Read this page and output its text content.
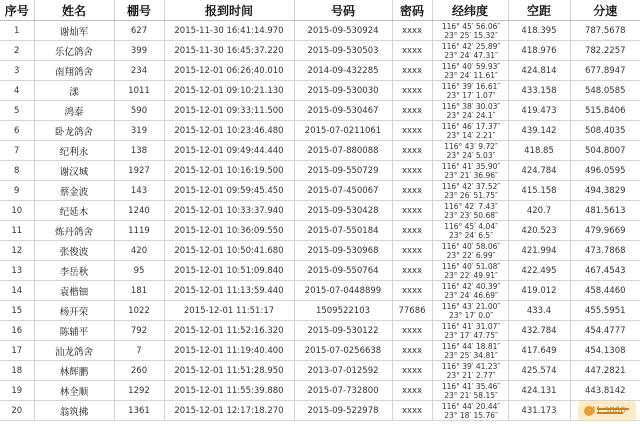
序号	姓名	棚号	报到时间	号码	密码	经纬度	空距	分速
1	谢灿军	627	2015-11-30 16:41:14.970	2015-09-530924	xxxx	116° 45′ 56.06″
23° 25′ 15.32″	418.395	787.5678
2	乐亿鸽舍	399	2015-11-30 16:45:37.220	2015-09-530503	xxxx	116° 42′ 25.89″
23° 24′ 47.31″	418.976	782.2257
3	南翔鸽舍	234	2015-12-01 06:26:40.010	2014-09-432285	xxxx	116° 40′ 59.93″
23° 24′ 11.61″	424.814	677.8947
4	漾	1011	2015-12-01 09:10:21.130	2015-09-530030	xxxx	116° 39′ 16.61″
23° 17′ 1.07″	433.158	548.0585
5	鸿泰	590	2015-12-01 09:33:11.500	2015-09-530467	xxxx	116° 38′ 30.03″
23° 24′ 24.1″	419.473	515.8406
6	卧龙鸽舍	319	2015-12-01 10:23:46.480	2015-07-0211061	xxxx	116° 46′ 17.37″
23° 14′ 2.21″	439.142	508.4035
7	纪利永	138	2015-12-01 09:49:44.440	2015-07-880088	xxxx	116° 43′ 9.72″
23° 24′ 5.03″	418.85	504.8007
8	谢汉城	1927	2015-12-01 10:16:19.500	2015-09-550729	xxxx	116° 41′ 35.90″
23° 21′ 36.96″	424.784	496.0595
9	蔡金波	143	2015-12-01 09:59:45.450	2015-07-450067	xxxx	116° 42′ 37.52″
23° 26′ 51.75″	415.158	494.3829
10	纪延木	1240	2015-12-01 10:33:37.940	2015-09-530428	xxxx	116° 42′ 7.43″
23° 23′ 50.68″	420.7	481.5613
11	炼丹鸽舍	1119	2015-12-01 10:36:09.550	2015-07-550184	xxxx	116° 45′ 4.04″
23° 24′ 6.5″	420.523	479.9669
12	张俊波	420	2015-12-01 10:50:41.680	2015-09-530968	xxxx	116° 40′ 58.06″
23° 22′ 6.99″	421.994	473.7868
13	李岳秋	95	2015-12-01 10:51:09.840	2015-09-550764	xxxx	116° 40′ 51.08″
23° 22′ 49.91″	422.495	467.4543
14	袁楷钿	181	2015-12-01 11:13:59.440	2015-07-0448899	xxxx	116° 42′ 40.39″
23° 24′ 46.69″	419.012	458.4460
15	杨开荣	1022	2015-12-01 11:51:17	1509522103	77686	116° 43′ 21.00″
23° 17′ 0.0″	433.4	455.5951
16	陈辅平	792	2015-12-01 11:52:16.320	2015-09-530122	xxxx	116° 41′ 31.07″
23° 17′ 47.75″	432.784	454.4777
17	汕龙鸽舍	7	2015-12-01 11:19:40.400	2015-07-0256638	xxxx	116° 44′ 18.81″
23° 25′ 34.81″	417.649	454.1308
18	林辉鹏	260	2015-12-01 11:51:28.950	2013-07-012592	xxxx	116° 39′ 41.23″
23° 21′ 2.77″	425.574	447.2821
19	林全顺	1292	2015-12-01 11:55:39.880	2015-07-732800	xxxx	116° 41′ 35.46″
23° 21′ 58.15″	424.131	443.8142
20	翁筑拂	1361	2015-12-01 12:17:18.270	2015-09-522978	xxxx	116° 44′ 20.44″
23° 18′ 15.76″	431.173	
